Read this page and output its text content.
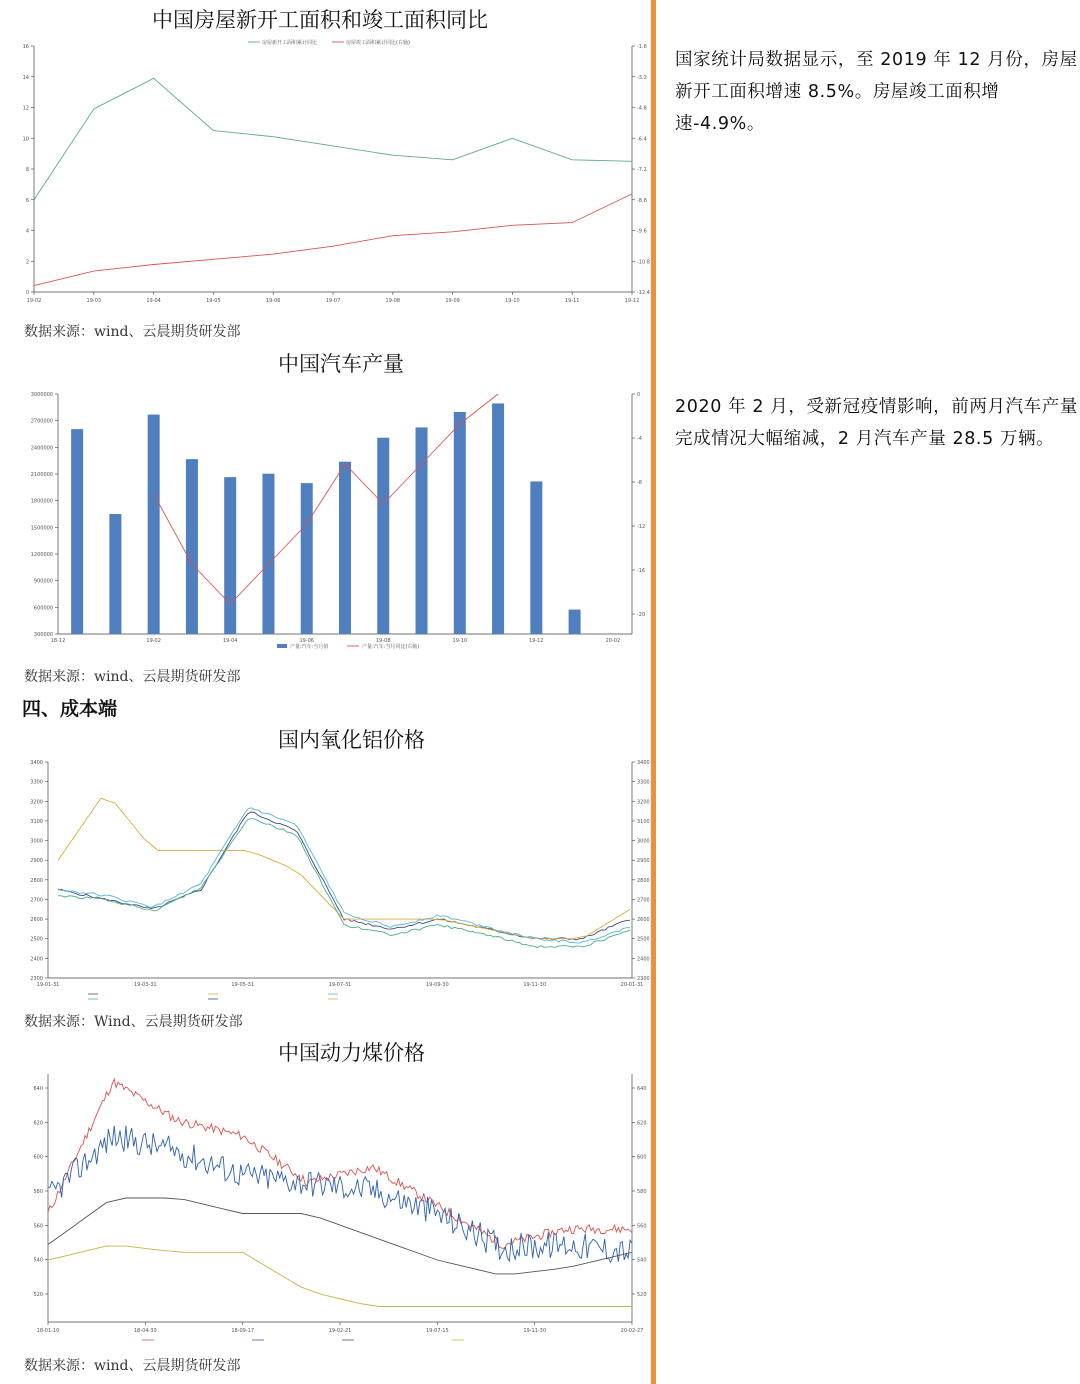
中国房屋新开工面积和竣工面积同比
16
14
12
10
8
6
4
2
0
-1.6
-3.2
-4.8
-6.4
-7.2
-8.8
-9.6
-10.8
-12.4
19-02	19-03	19-04	19-05	19-06	19-07	19-08	19-09	19-10	19-11	19-12
房屋新开工面积累计同比	房屋竣工面积累计同比(右轴)
数据来源：wind、云晨期货研发部
国家统计局数据显示，至 2019 年 12 月份，房屋新开工面积增速 8.5%。房屋竣工面积增速-4.9%。
中国汽车产量
3000000
2700000
2400000
2100000
1800000
1500000
1200000
900000
600000
300000
0
-4
-8
-12
-16
-20
18-12	19-02	19-04	19-06	19-08	19-10	19-12	20-02
产量:汽车:当月值	产量:汽车:当月同比(右轴)
数据来源：wind、云晨期货研发部
2020 年 2 月，受新冠疫情影响，前两月汽车产量完成情况大幅缩减，2 月汽车产量 28.5 万辆。
四、成本端
国内氧化铝价格
3400
3300
3200
3100
3000
2900
2800
2700
2600
2500
2400
2300
3400
3300
3200
3100
3000
2900
2800
2700
2600
2500
2400
2300
19-01-31	19-03-31	19-05-31	19-07-31	19-09-30	19-11-30	20-01-31
数据来源：Wind、云晨期货研发部
中国动力煤价格
640
620
600
580
560
540
520
640
620
600
580
560
540
520
18-01-10	18-04-30	18-09-17	19-02-21	19-07-15	19-11-30	20-02-27
数据来源：wind、云晨期货研发部
